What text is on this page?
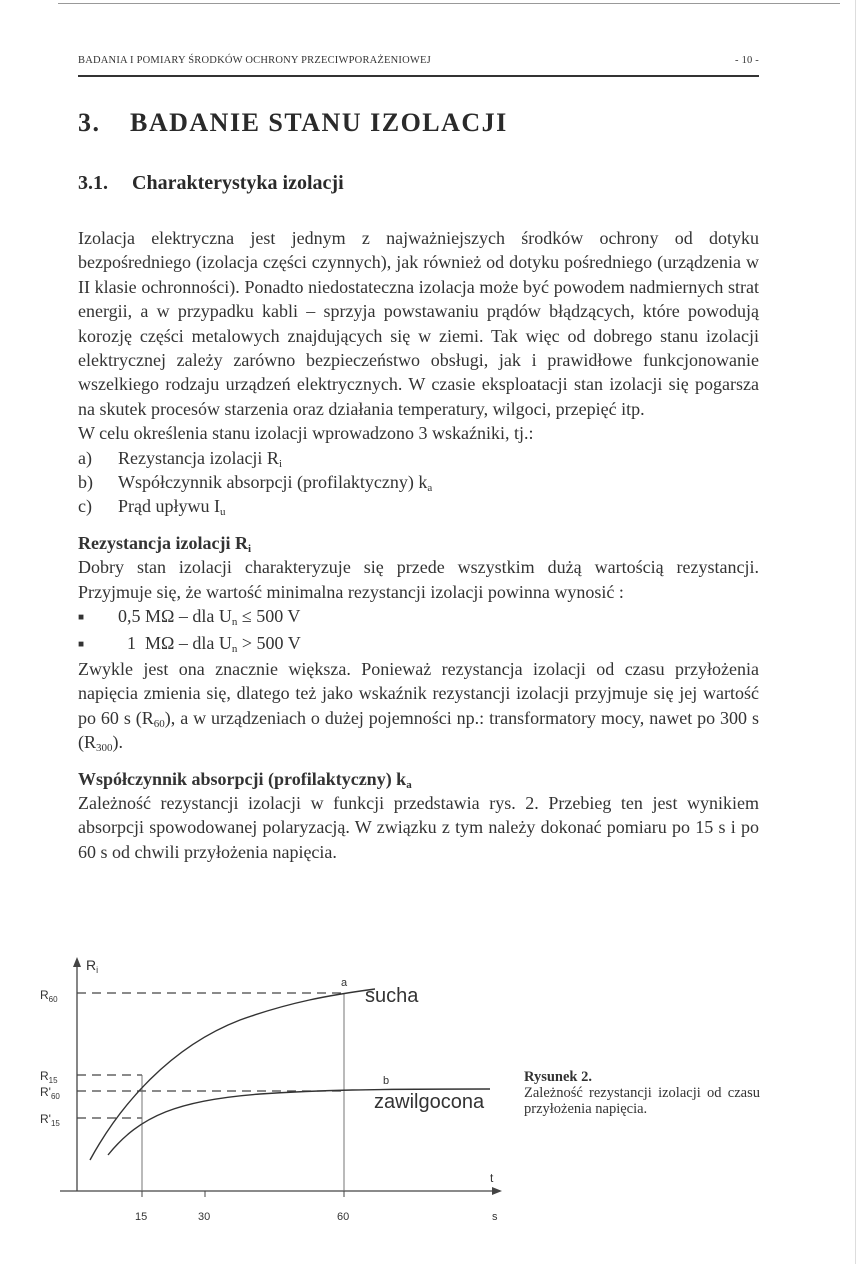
BADANIA I POMIARY ŚRODKÓW OCHRONY PRZECIWPORAŻENIOWEJ	- 10 -
3. BADANIE STANU IZOLACJI
3.1. Charakterystyka izolacji

Izolacja elektryczna jest jednym z najważniejszych środków ochrony od dotyku bezpośredniego (izolacja części czynnych), jak również od dotyku pośredniego (urządzenia w II klasie ochronności). Ponadto niedostateczna izolacja może być powodem nadmiernych strat energii, a w przypadku kabli – sprzyja powstawaniu prądów błądzących, które powodują korozję części metalowych znajdujących się w ziemi. Tak więc od dobrego stanu izolacji elektrycznej zależy zarówno bezpieczeństwo obsługi, jak i prawidłowe funkcjonowanie wszelkiego rodzaju urządzeń elektrycznych. W czasie eksploatacji stan izolacji się pogarsza na skutek procesów starzenia oraz działania temperatury, wilgoci, przepięć itp.

W celu określenia stanu izolacji wprowadzono 3 wskaźniki, tj.:

a)	Rezystancja izolacji $R_i$
b)	Współczynnik absorpcji (profilaktyczny) $k_a$
c)	Prąd upływu $I_u$
Rezystancja izolacji $R_i$

Dobry stan izolacji charakteryzuje się przede wszystkim dużą wartością rezystancji. Przyjmuje się, że wartość minimalna rezystancji izolacji powinna wynosić :

■	0,5 MΩ – dla $U_n \le 500$ V
■	1  MΩ – dla $U_n > 500$ V

Zwykle jest ona znacznie większa. Ponieważ rezystancja izolacji od czasu przyłożenia napięcia zmienia się, dlatego też jako wskaźnik rezystancji izolacji przyjmuje się jej wartość po 60 s $(R_{60})$, a w urządzeniach o dużej pojemności np.: transformatory mocy, nawet po 300 s $(R_{300})$.

Współczynnik absorpcji (profilaktyczny) $k_a$

Zależność rezystancji izolacji w funkcji przedstawia rys. 2. Przebieg ten jest wynikiem absorpcji spowodowanej polaryzacją. W związku z tym należy dokonać pomiaru po 15 s i po 60 s od chwili przyłożenia napięcia.

$R_i$
t
s
15	30	60
$R_{60}$
$R_{15}$
$R'_{60}$
$R'_{15}$
a
b
sucha
zawilgocona
Rysunek 2.
Zależność rezystancji izolacji od czasu przyłożenia napięcia.
